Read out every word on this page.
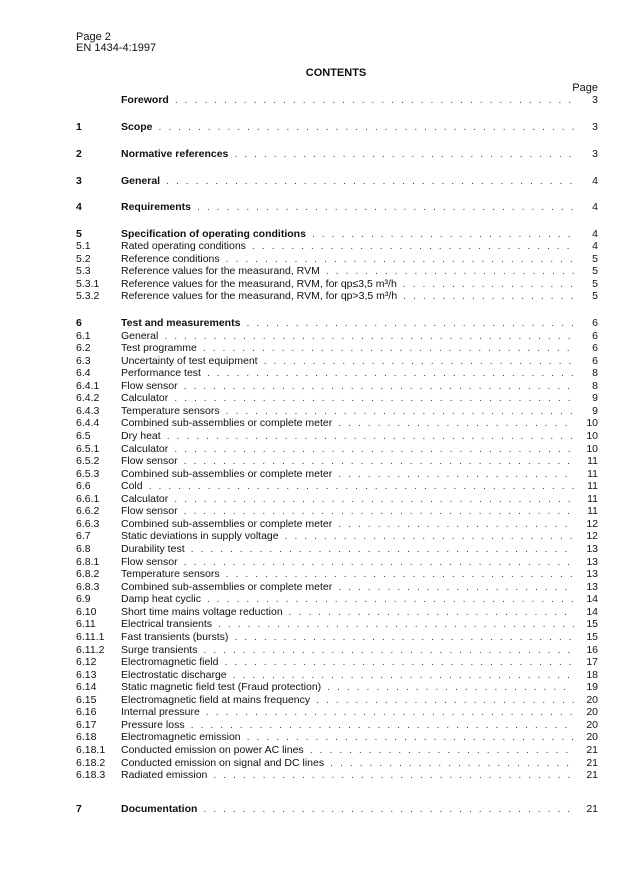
Page 2
EN 1434-4:1997
CONTENTS
Page
Foreword . . .	3
1	Scope . . .	3
2	Normative references . . .	3
3	General . . .	4
4	Requirements . . .	4
5	Specification of operating conditions . . .	4
5.1	Rated operating conditions . . .	4
5.2	Reference conditions . . .	5
5.3	Reference values for the measurand, RVM . . .	5
5.3.1	Reference values for the measurand, RVM, for qp≤3,5 m³/h . . .	5
5.3.2	Reference values for the measurand, RVM, for qp>3,5 m³/h . . .	5
6	Test and measurements . . .	6
6.1	General . . .	6
6.2	Test programme . . .	6
6.3	Uncertainty of test equipment . . .	6
6.4	Performance test . . .	8
6.4.1	Flow sensor . . .	8
6.4.2	Calculator . . .	9
6.4.3	Temperature sensors . . .	9
6.4.4	Combined sub-assemblies or complete meter . . .	10
6.5	Dry heat . . .	10
6.5.1	Calculator . . .	10
6.5.2	Flow sensor . . .	11
6.5.3	Combined sub-assemblies or complete meter . . .	11
6.6	Cold . . .	11
6.6.1	Calculator . . .	11
6.6.2	Flow sensor . . .	11
6.6.3	Combined sub-assemblies or complete meter . . .	12
6.7	Static deviations in supply voltage . . .	12
6.8	Durability test . . .	13
6.8.1	Flow sensor . . .	13
6.8.2	Temperature sensors . . .	13
6.8.3	Combined sub-assemblies or complete meter . . .	13
6.9	Damp heat cyclic . . .	14
6.10	Short time mains voltage reduction . . .	14
6.11	Electrical transients . . .	15
6.11.1	Fast transients (bursts) . . .	15
6.11.2	Surge transients . . .	16
6.12	Electromagnetic field . . .	17
6.13	Electrostatic discharge . . .	18
6.14	Static magnetic field test (Fraud protection) . . .	19
6.15	Electromagnetic field at mains frequency . . .	20
6.16	Internal pressure . . .	20
6.17	Pressure loss . . .	20
6.18	Electromagnetic emission . . .	20
6.18.1	Conducted emission on power AC lines . . .	21
6.18.2	Conducted emission on signal and DC lines . . .	21
6.18.3	Radiated emission . . .	21
7	Documentation . . .	21
